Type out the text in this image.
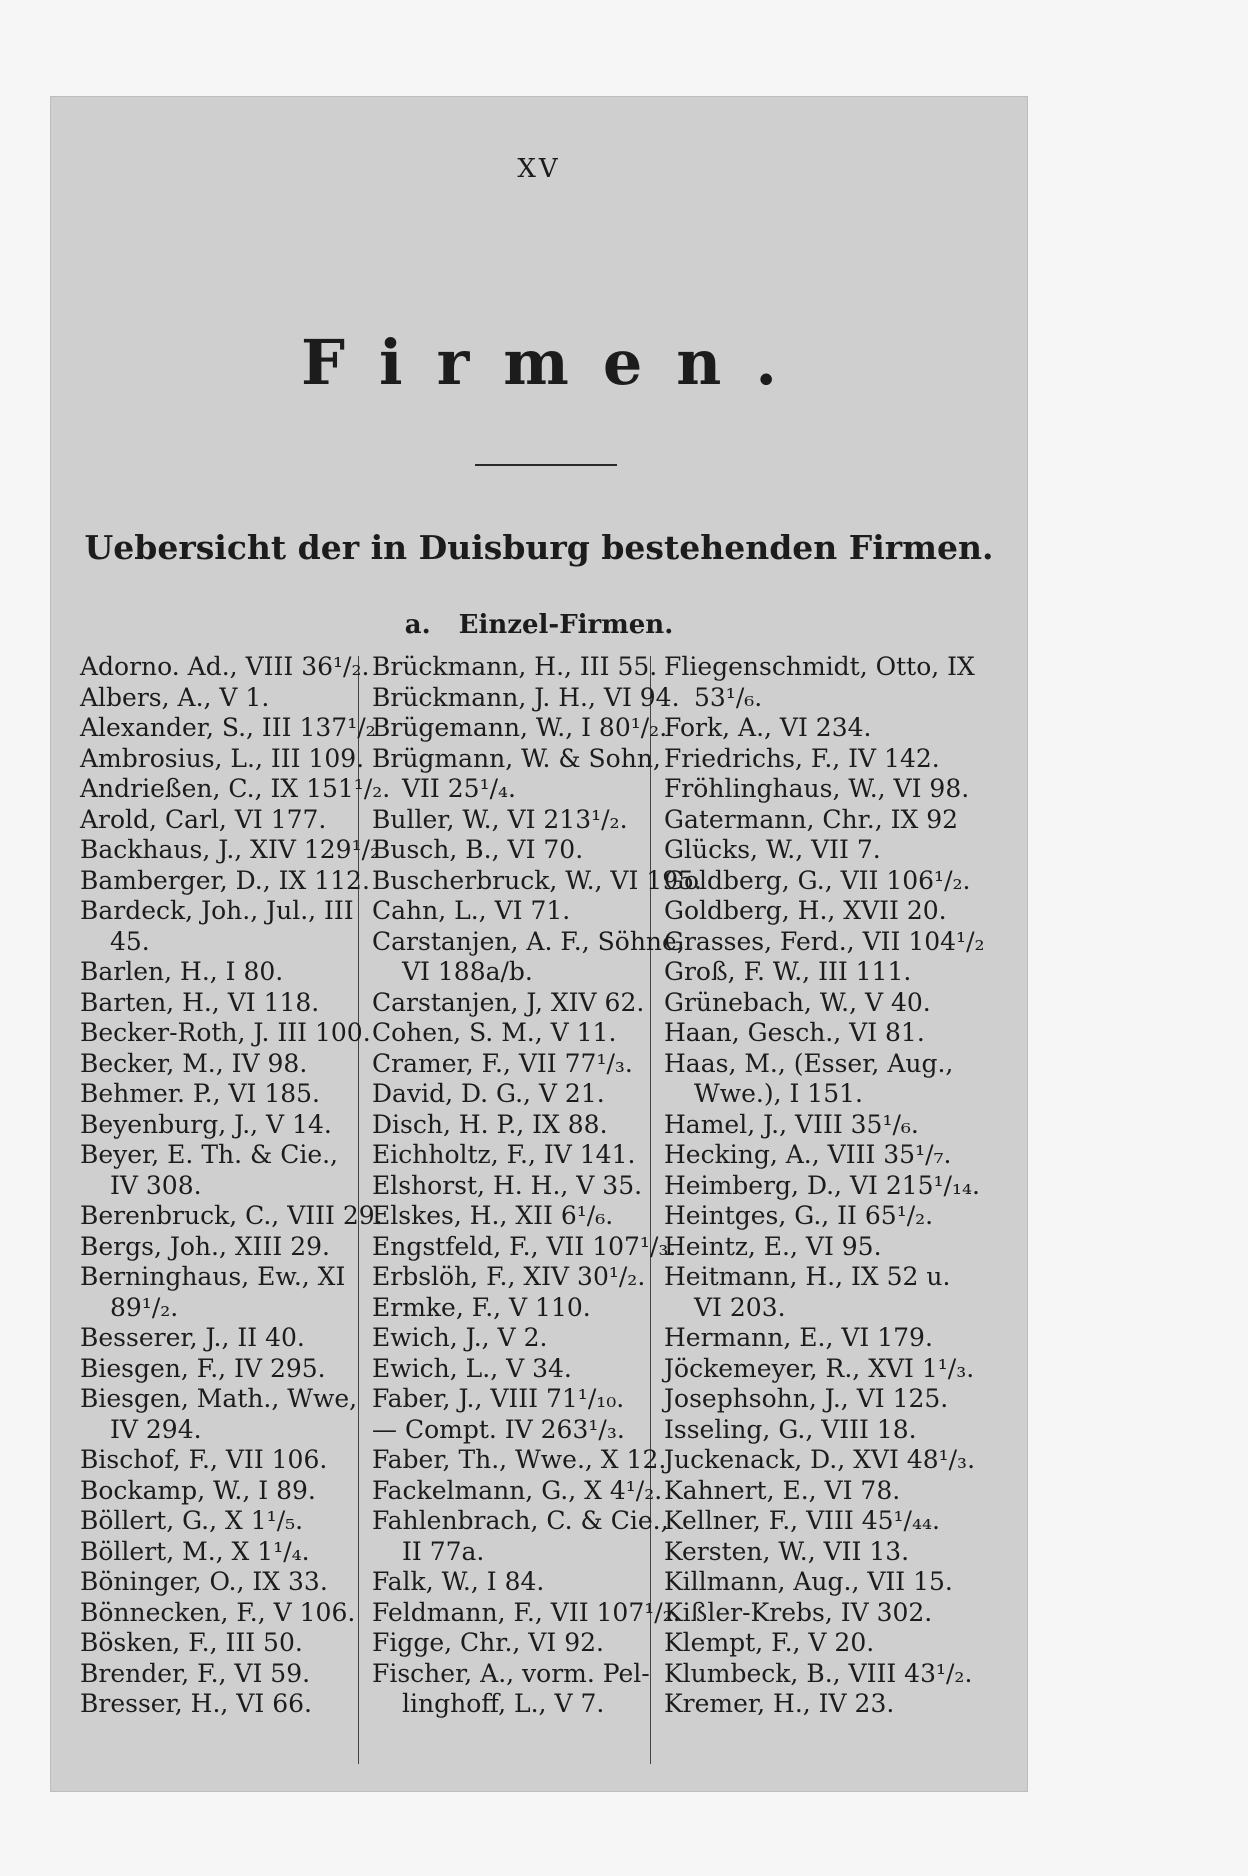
XV
Firmen.
Uebersicht der in Duisburg bestehenden Firmen.
a. Einzel-Firmen.
Adorno. Ad., VIII 36¹/₂.
Albers, A., V 1.
Alexander, S., III 137¹/₂
Ambrosius, L., III 109.
Andrießen, C., IX 151¹/₂.
Arold, Carl, VI 177.
Backhaus, J., XIV 129¹/₂
Bamberger, D., IX 112.
Bardeck, Joh., Jul., III
45.
Barlen, H., I 80.
Barten, H., VI 118.
Becker-Roth, J. III 100.
Becker, M., IV 98.
Behmer. P., VI 185.
Beyenburg, J., V 14.
Beyer, E. Th. & Cie.,
IV 308.
Berenbruck, C., VIII 29.
Bergs, Joh., XIII 29.
Berninghaus, Ew., XI
89¹/₂.
Besserer, J., II 40.
Biesgen, F., IV 295.
Biesgen, Math., Wwe,
IV 294.
Bischof, F., VII 106.
Bockamp, W., I 89.
Böllert, G., X 1¹/₅.
Böllert, M., X 1¹/₄.
Böninger, O., IX 33.
Bönnecken, F., V 106.
Bösken, F., III 50.
Brender, F., VI 59.
Bresser, H., VI 66.
Brückmann, H., III 55.
Brückmann, J. H., VI 94.
Brügemann, W., I 80¹/₂.
Brügmann, W. & Sohn,
VII 25¹/₄.
Buller, W., VI 213¹/₂.
Busch, B., VI 70.
Buscherbruck, W., VI 195.
Cahn, L., VI 71.
Carstanjen, A. F., Söhne,
VI 188a/b.
Carstanjen, J, XIV 62.
Cohen, S. M., V 11.
Cramer, F., VII 77¹/₃.
David, D. G., V 21.
Disch, H. P., IX 88.
Eichholtz, F., IV 141.
Elshorst, H. H., V 35.
Elskes, H., XII 6¹/₆.
Engstfeld, F., VII 107¹/₃.
Erbslöh, F., XIV 30¹/₂.
Ermke, F., V 110.
Ewich, J., V 2.
Ewich, L., V 34.
Faber, J., VIII 71¹/₁₀.
— Compt. IV 263¹/₃.
Faber, Th., Wwe., X 12.
Fackelmann, G., X 4¹/₂.
Fahlenbrach, C. & Cie.,
II 77a.
Falk, W., I 84.
Feldmann, F., VII 107¹/₂.
Figge, Chr., VI 92.
Fischer, A., vorm. Pel-
linghoff, L., V 7.
Fliegenschmidt, Otto, IX
53¹/₆.
Fork, A., VI 234.
Friedrichs, F., IV 142.
Fröhlinghaus, W., VI 98.
Gatermann, Chr., IX 92
Glücks, W., VII 7.
Goldberg, G., VII 106¹/₂.
Goldberg, H., XVII 20.
Grasses, Ferd., VII 104¹/₂
Groß, F. W., III 111.
Grünebach, W., V 40.
Haan, Gesch., VI 81.
Haas, M., (Esser, Aug.,
Wwe.), I 151.
Hamel, J., VIII 35¹/₆.
Hecking, A., VIII 35¹/₇.
Heimberg, D., VI 215¹/₁₄.
Heintges, G., II 65¹/₂.
Heintz, E., VI 95.
Heitmann, H., IX 52 u.
VI 203.
Hermann, E., VI 179.
Jöckemeyer, R., XVI 1¹/₃.
Josephsohn, J., VI 125.
Isseling, G., VIII 18.
Juckenack, D., XVI 48¹/₃.
Kahnert, E., VI 78.
Kellner, F., VIII 45¹/₄₄.
Kersten, W., VII 13.
Killmann, Aug., VII 15.
Kißler-Krebs, IV 302.
Klempt, F., V 20.
Klumbeck, B., VIII 43¹/₂.
Kremer, H., IV 23.
